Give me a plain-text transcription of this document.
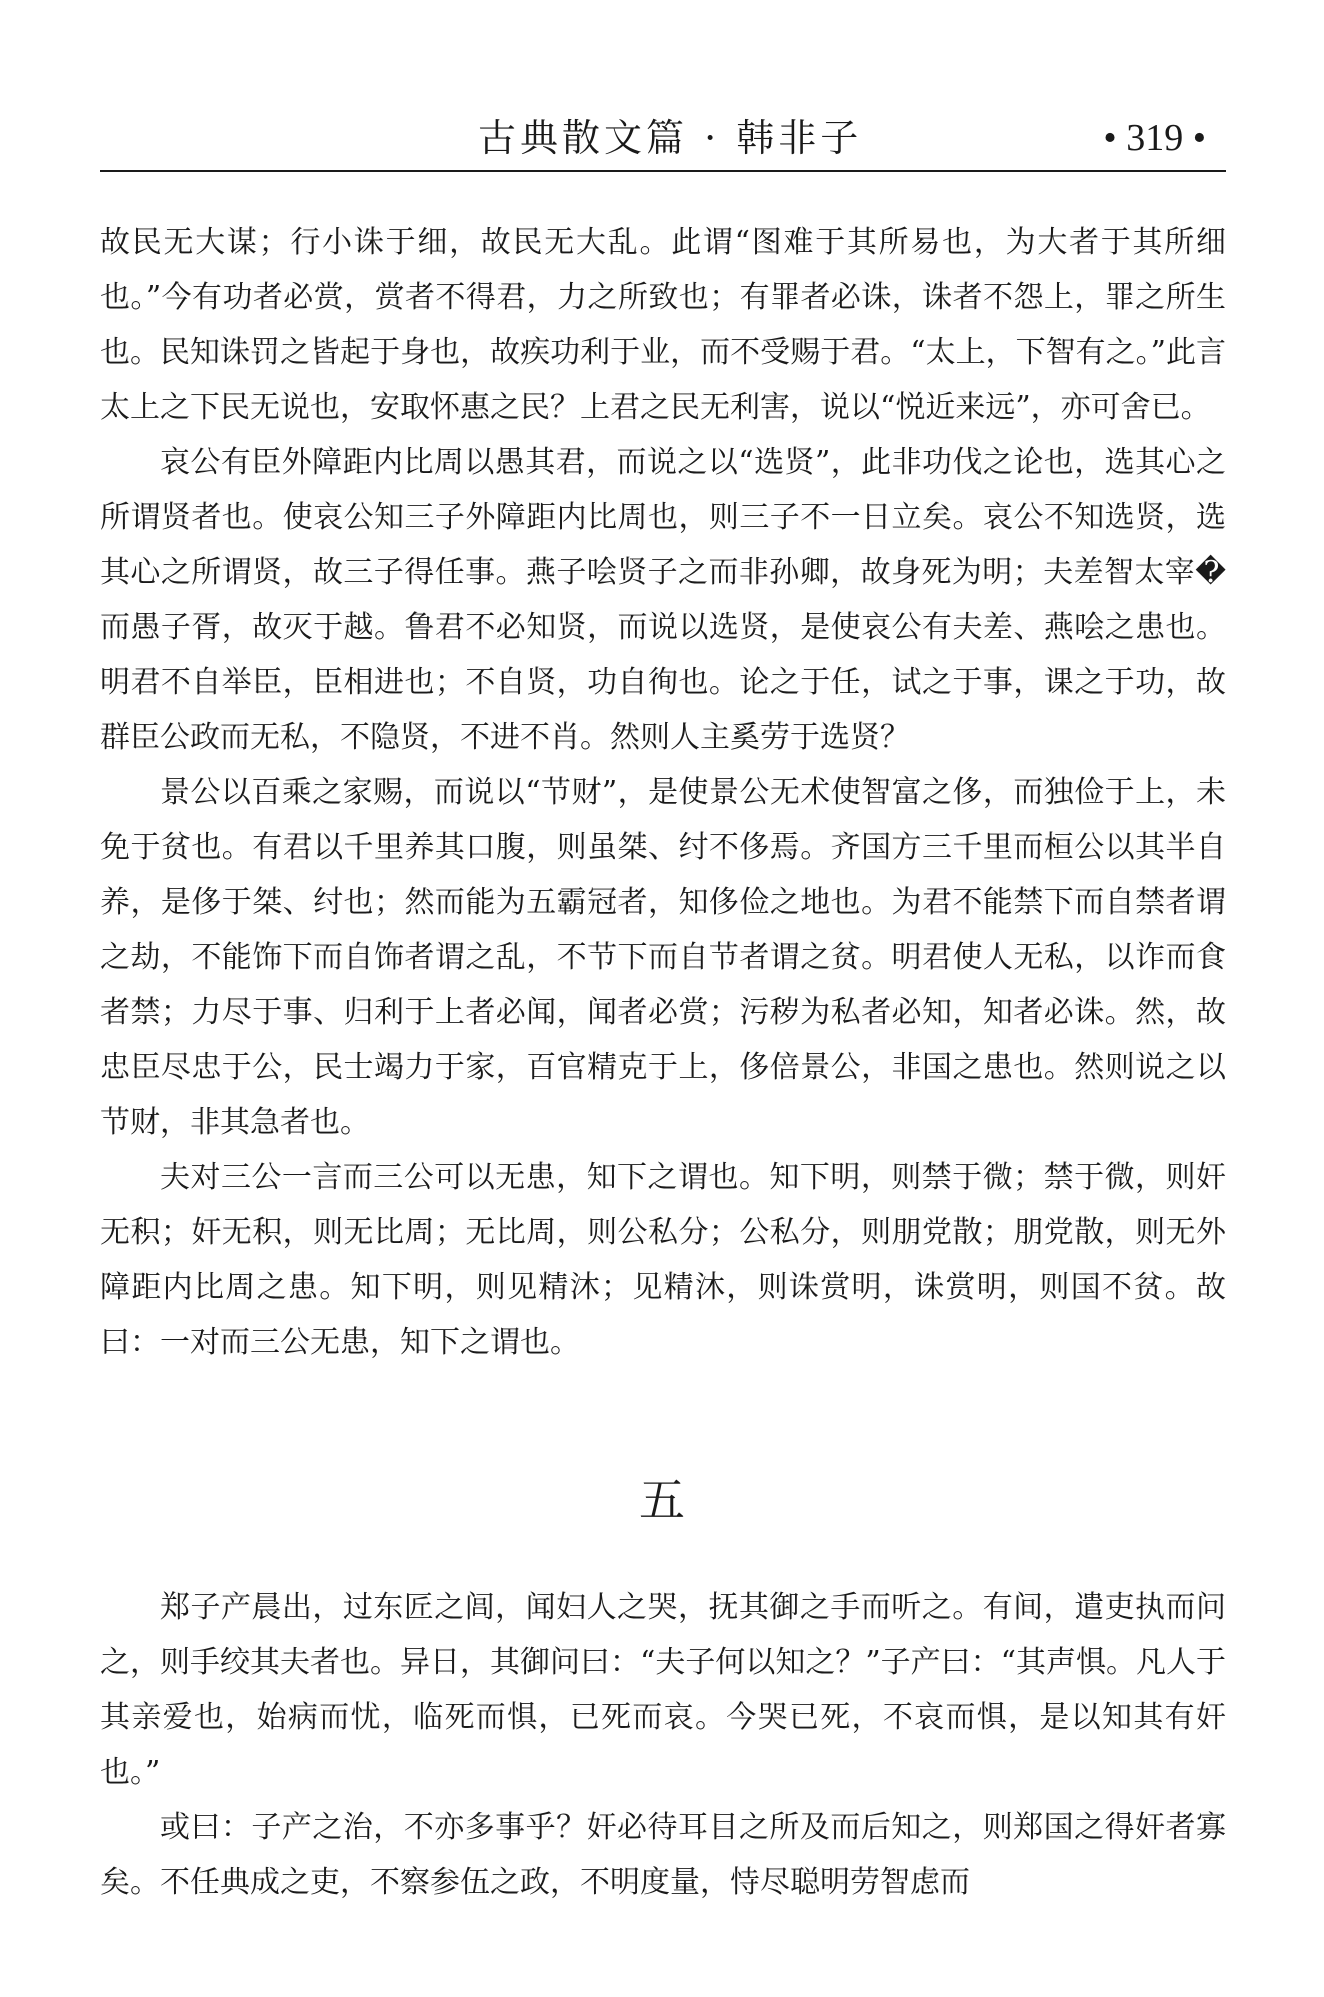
古典散文篇 · 韩非子	• 319 •

故民无大谋；行小诛于细，故民无大乱。此谓“图难于其所易也，为大者于其所细也。”今有功者必赏，赏者不得君，力之所致也；有罪者必诛，诛者不怨上，罪之所生也。民知诛罚之皆起于身也，故疾功利于业，而不受赐于君。“太上，下智有之。”此言太上之下民无说也，安取怀惠之民？上君之民无利害，说以“悦近来远”，亦可舍已。

哀公有臣外障距内比周以愚其君，而说之以“选贤”，此非功伐之论也，选其心之所谓贤者也。使哀公知三子外障距内比周也，则三子不一日立矣。哀公不知选贤，选其心之所谓贤，故三子得任事。燕子哙贤子之而非孙卿，故身死为明；夫差智太宰�而愚子胥，故灭于越。鲁君不必知贤，而说以选贤，是使哀公有夫差、燕哙之患也。明君不自举臣，臣相进也；不自贤，功自徇也。论之于任，试之于事，课之于功，故群臣公政而无私，不隐贤，不进不肖。然则人主奚劳于选贤？

景公以百乘之家赐，而说以“节财”，是使景公无术使智富之侈，而独俭于上，未免于贫也。有君以千里养其口腹，则虽桀、纣不侈焉。齐国方三千里而桓公以其半自养，是侈于桀、纣也；然而能为五霸冠者，知侈俭之地也。为君不能禁下而自禁者谓之劫，不能饰下而自饰者谓之乱，不节下而自节者谓之贫。明君使人无私，以诈而食者禁；力尽于事、归利于上者必闻，闻者必赏；污秽为私者必知，知者必诛。然，故忠臣尽忠于公，民士竭力于家，百官精克于上，侈倍景公，非国之患也。然则说之以节财，非其急者也。

夫对三公一言而三公可以无患，知下之谓也。知下明，则禁于微；禁于微，则奸无积；奸无积，则无比周；无比周，则公私分；公私分，则朋党散；朋党散，则无外障距内比周之患。知下明，则见精沐；见精沐，则诛赏明，诛赏明，则国不贫。故曰：一对而三公无患，知下之谓也。

五

郑子产晨出，过东匠之闾，闻妇人之哭，抚其御之手而听之。有间，遣吏执而问之，则手绞其夫者也。异日，其御问曰：“夫子何以知之？”子产曰：“其声惧。凡人于其亲爱也，始病而忧，临死而惧，已死而哀。今哭已死，不哀而惧，是以知其有奸也。”

或曰：子产之治，不亦多事乎？奸必待耳目之所及而后知之，则郑国之得奸者寡矣。不任典成之吏，不察参伍之政，不明度量，恃尽聪明劳智虑而
